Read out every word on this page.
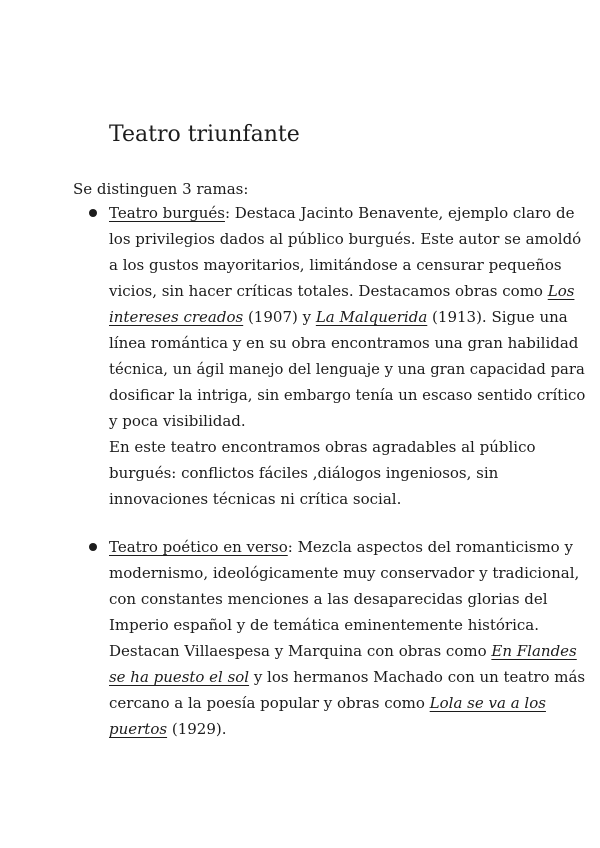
Teatro triunfante

Se distinguen 3 ramas:

Teatro burgués: Destaca Jacinto Benavente, ejemplo claro de
los privilegios dados al público burgués. Este autor se amoldó
a los gustos mayoritarios, limitándose a censurar pequeños
vicios, sin hacer críticas totales. Destacamos obras como Los
intereses creados (1907) y La Malquerida (1913). Sigue una
línea romántica y en su obra encontramos una gran habilidad
técnica, un ágil manejo del lenguaje y una gran capacidad para
dosificar la intriga, sin embargo tenía un escaso sentido crítico
y poca visibilidad.
En este teatro encontramos obras agradables al público
burgués: conflictos fáciles ,diálogos ingeniosos, sin
innovaciones técnicas ni crítica social.
Teatro poético en verso: Mezcla aspectos del romanticismo y
modernismo, ideológicamente muy conservador y tradicional,
con constantes menciones a las desaparecidas glorias del
Imperio español y de temática eminentemente histórica.
Destacan Villaespesa y Marquina con obras como En Flandes
se ha puesto el sol y los hermanos Machado con un teatro más
cercano a la poesía popular y obras como Lola se va a los
puertos (1929).
